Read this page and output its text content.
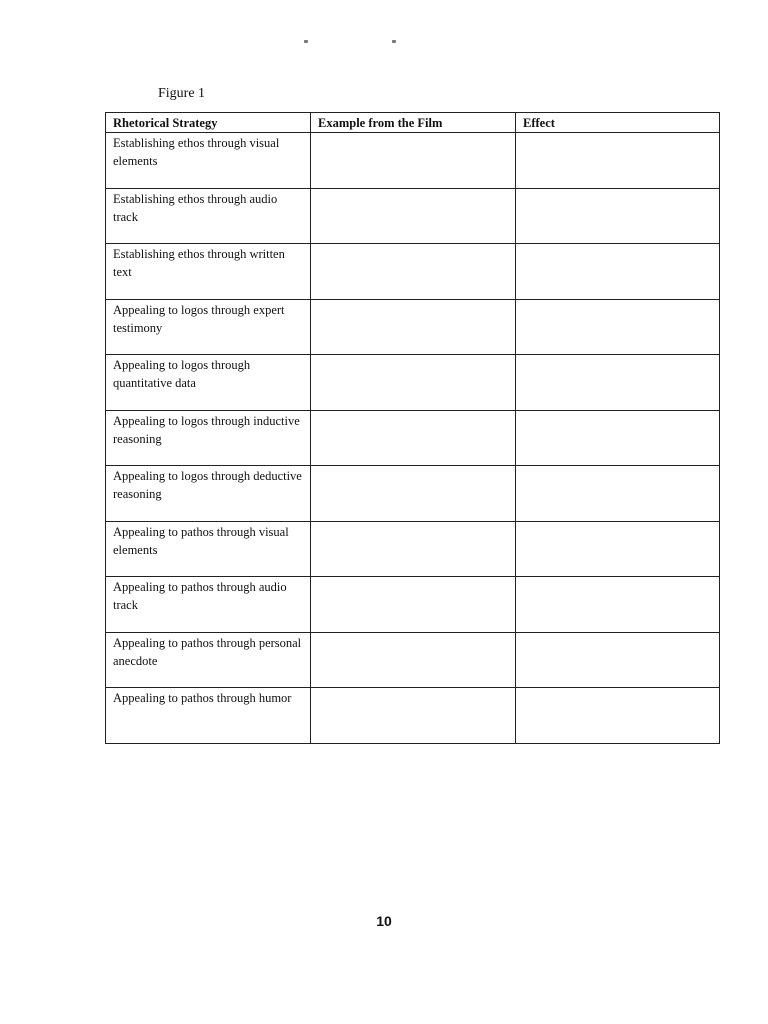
Figure 1
Rhetorical Strategy	Example from the Film	Effect
Establishing ethos through visual elements		
Establishing ethos through audio track		
Establishing ethos through written text		
Appealing to logos through expert testimony		
Appealing to logos through quantitative data		
Appealing to logos through inductive reasoning		
Appealing to logos through deductive reasoning		
Appealing to pathos through visual elements		
Appealing to pathos through audio track		
Appealing to pathos through personal anecdote		
Appealing to pathos through humor		
10
